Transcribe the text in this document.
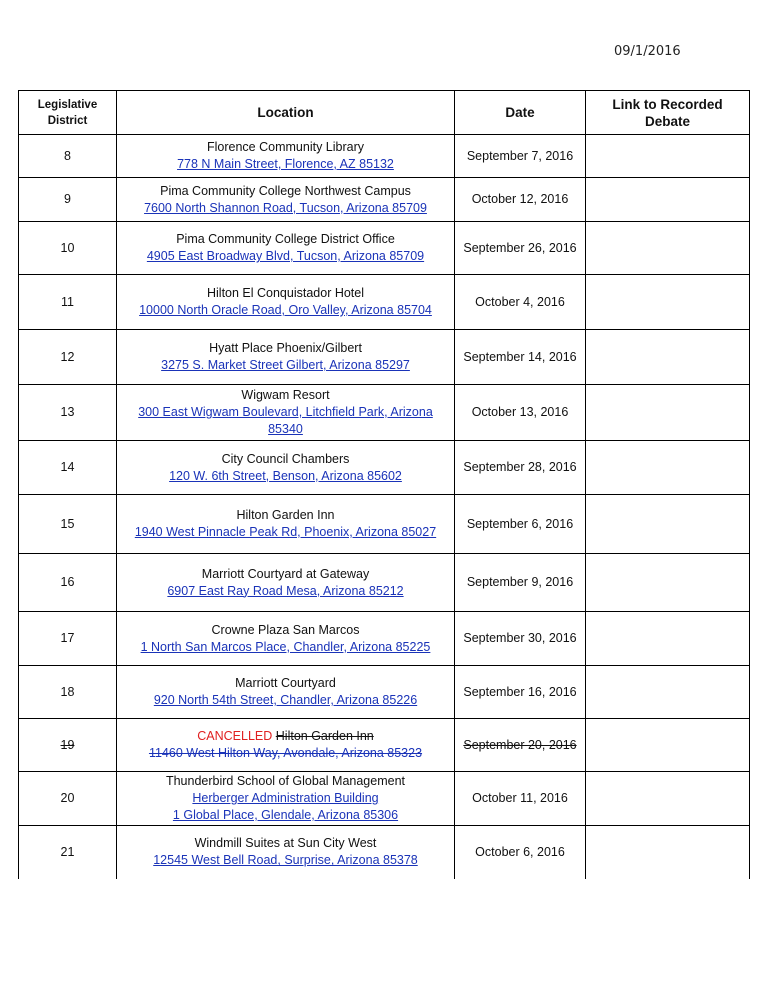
09/1/2016
Legislative
District	Location	Date	Link to Recorded
Debate
8	Florence Community Library
778 N Main Street, Florence, AZ 85132	September 7, 2016	
9	Pima Community College Northwest Campus
7600 North Shannon Road, Tucson, Arizona 85709	October 12, 2016	
10	Pima Community College District Office
4905 East Broadway Blvd, Tucson, Arizona 85709	September 26, 2016	
11	Hilton El Conquistador Hotel
10000 North Oracle Road, Oro Valley, Arizona 85704	October 4, 2016	
12	Hyatt Place Phoenix/Gilbert
3275 S. Market Street Gilbert, Arizona 85297	September 14, 2016	
13	Wigwam Resort
300 East Wigwam Boulevard, Litchfield Park, Arizona 85340	October 13, 2016	
14	City Council Chambers
120 W. 6th Street, Benson, Arizona 85602	September 28, 2016	
15	Hilton Garden Inn
1940 West Pinnacle Peak Rd, Phoenix, Arizona 85027	September 6, 2016	
16	Marriott Courtyard at Gateway
6907 East Ray Road Mesa, Arizona 85212	September 9, 2016	
17	Crowne Plaza San Marcos
1 North San Marcos Place, Chandler, Arizona 85225	September 30, 2016	
18	Marriott Courtyard
920 North 54th Street, Chandler, Arizona 85226	September 16, 2016	
19	CANCELLED Hilton Garden Inn
11460 West Hilton Way, Avondale, Arizona 85323	September 20, 2016	
20	Thunderbird School of Global Management
Herberger Administration Building
1 Global Place, Glendale, Arizona 85306	October 11, 2016	
21	Windmill Suites at Sun City West
12545 West Bell Road, Surprise, Arizona 85378	October 6, 2016	
